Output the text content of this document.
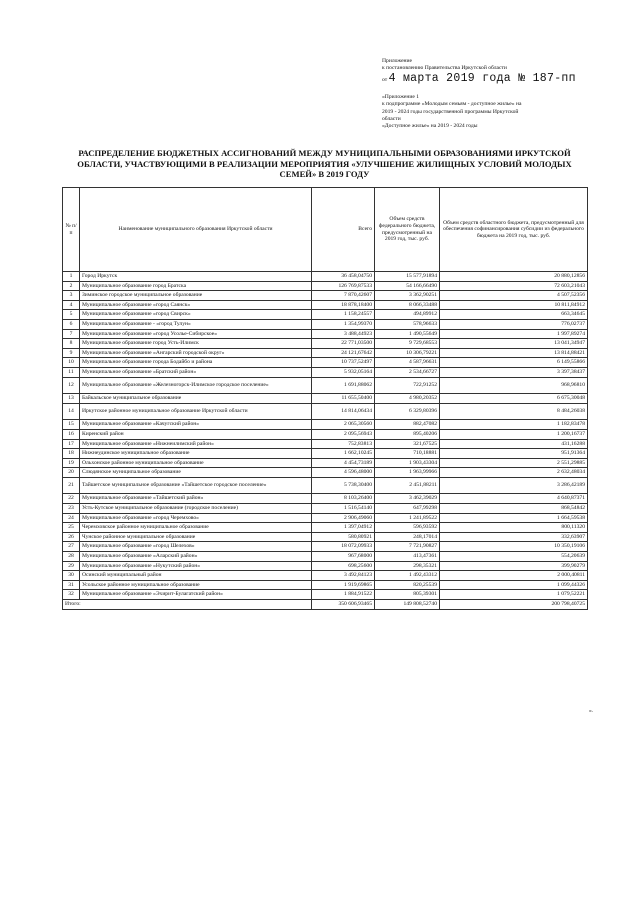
Приложение
к постановлению Правительства Иркутской области
от 4 марта 2019 года № 187-пп
«Приложение 1
к подпрограмме «Молодым семьям - доступное жилье» на
2019 - 2024 годы государственной программы Иркутской
области
«Доступное жилье» на 2019 - 2024 годы
РАСПРЕДЕЛЕНИЕ БЮДЖЕТНЫХ АССИГНОВАНИЙ МЕЖДУ МУНИЦИПАЛЬНЫМИ ОБРАЗОВАНИЯМИ ИРКУТСКОЙ ОБЛАСТИ, УЧАСТВУЮЩИМИ В РЕАЛИЗАЦИИ МЕРОПРИЯТИЯ «УЛУЧШЕНИЕ ЖИЛИЩНЫХ УСЛОВИЙ МОЛОДЫХ СЕМЕЙ» В 2019 ГОДУ
№ п/п	Наименование муниципального образования Иркутской области	Всего	Объем средств федерального бюджета, предусмотренный на 2019 год, тыс. руб.	Объем средств областного бюджета, предусмотренный для обеспечения софинансирования субсидии из федерального бюджета на 2019 год, тыс. руб.
1	Город Иркутск	36 458,04750	15 577,91894	20 880,12856
2	Муниципальное образование город Братска	126 769,87533	54 166,66490	72 603,21043
3	Зиминское городское муниципальное образование	7 870,42607	3 362,90251	4 507,52356
4	Муниципальное образование «город Саянск»	18 878,18400	8 066,33488	10 811,84912
5	Муниципальное образование «город Свирск»	1 158,24557	494,89912	663,34645
6	Муниципальное образование - «город Тулун»	1 354,99370	578,96633	776,02737
7	Муниципальное образование «город Усолье-Сибирское»	3 488,44923	1 490,55649	1 997,89274
8	Муниципальное образование город Усть-Илимск	22 771,03500	9 729,68553	13 041,34947
9	Муниципальное образование «Ангарский городской округ»	24 121,67642	10 306,79221	13 814,88421
10	Муниципальное образование города Бодайбо и района	10 737,52497	4 587,96631	6 149,55866
11	Муниципальное образование «Братский район»	5 932,05164	2 534,66727	3 397,38437
12	Муниципальное образование «Железногорск-Илимское городское поселение»	1 691,88062	722,91252	968,96810
13	Байкальское муниципальное образование	11 655,50400	4 980,20352	6 675,30048
14	Иркутское районное муниципальное образование Иркутской области	14 814,06434	6 329,80396	8 484,26038
15	Муниципальное образование «Качугский район»	2 065,30560	882,47082	1 182,83478
16	Киренский район	2 095,56943	895,40206	1 200,16737
17	Муниципальное образование «Нижнеилимский район»	752,83813	321,67525	431,16288
18	Нижнеудинское муниципальное образование	1 662,10245	710,18881	951,91364
19	Ольхонское районное муниципальное образование	4 454,73189	1 903,43304	2 551,29885
20	Слюдянское муниципальное образование	4 596,48000	1 963,99966	2 632,48034
21	Тайшетское муниципальное образование «Тайшетское городское поселение»	5 738,30400	2 451,88211	3 286,42189
22	Муниципальное образование «Тайшетский район»	8 103,26400	3 462,39029	4 640,87371
23	Усть-Кутское муниципальное образование (городское поселение)	1 516,54140	647,99298	868,54842
24	Муниципальное образование «город Черемхово»	2 906,49060	1 241,89522	1 664,59538
25	Черемховское районное муниципальное образование	1 397,04912	596,93592	800,11320
26	Чунское районное муниципальное образование	580,80921	248,17014	332,63907
27	Муниципальное образование «город Шелехов»	18 072,09933	7 721,90827	10 350,19106
28	Муниципальное образование «Аларский район»	967,68000	413,47361	554,20639
29	Муниципальное образование «Нукутский район»	698,25600	298,35321	399,90279
30	Осинский муниципальный район	3 492,84123	1 492,43312	2 000,40811
31	Усольское районное муниципальное образование	1 919,69865	820,25539	1 099,44326
32	Муниципальное образование «Эхирит-Булагатский район»	1 884,91522	805,39301	1 079,52221
Итого:		350 606,93465	149 808,52740	200 798,40725
».
